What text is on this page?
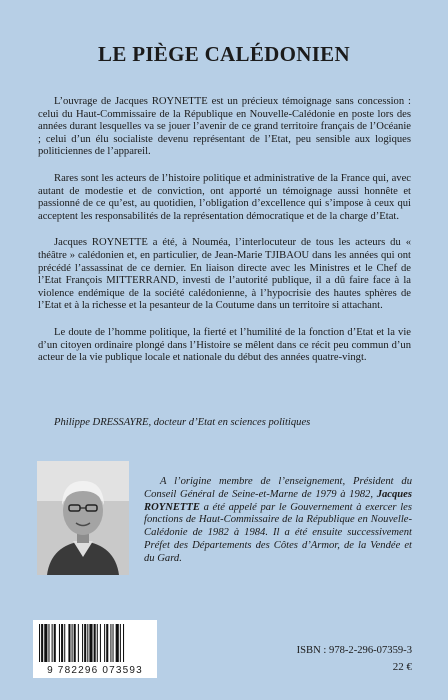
LE PIÈGE CALÉDONIEN

L’ouvrage de Jacques ROYNETTE est un précieux témoignage sans concession : celui du Haut-Commissaire de la République en Nouvelle-Calédonie en poste lors des années durant lesquelles va se jouer l’avenir de ce grand territoire français de l’Océanie ; celui d’un élu socialiste devenu représentant de l’Etat, peu sensible aux logiques politiciennes de l’appareil.

Rares sont les acteurs de l’histoire politique et administrative de la France qui, avec autant de modestie et de conviction, ont apporté un témoignage aussi honnête et passionné de ce qu’est, au quotidien, l’obligation d’excellence qui s’impose à ceux qui acceptent les responsabilités de la représentation démocratique et de la charge d’Etat.

Jacques ROYNETTE a été, à Nouméa, l’interlocuteur de tous les acteurs du « théâtre » calédonien et, en particulier, de Jean-Marie TJIBAOU dans les années qui ont précédé l’assassinat de ce dernier. En liaison directe avec les Ministres et le Chef de l’Etat François MITTERRAND, investi de l’autorité publique, il a dû faire face à la violence endémique de la société calédonienne, à l’hypocrisie des hautes sphères de l’Etat et à la richesse et la pesanteur de la Coutume dans un territoire si attachant.

Le doute de l’homme politique, la fierté et l’humilité de la fonction d’Etat et la vie d’un citoyen ordinaire plongé dans l’Histoire se mêlent dans ce récit peu commun d’un acteur de la vie publique locale et nationale du début des années quatre-vingt.

Philippe DRESSAYRE, docteur d’Etat en sciences politiques

A l’origine membre de l’enseignement, Président du Conseil Général de Seine-et-Marne de 1979 à 1982, Jacques ROYNETTE a été appelé par le Gouvernement à exercer les fonctions de Haut-Commissaire de la République en Nouvelle-Calédonie de 1982 à 1984. Il a été ensuite successivement Préfet des Départements des Côtes d’Armor, de la Vendée et du Gard.

9 782296 073593
ISBN : 978-2-296-07359-3
22 €
